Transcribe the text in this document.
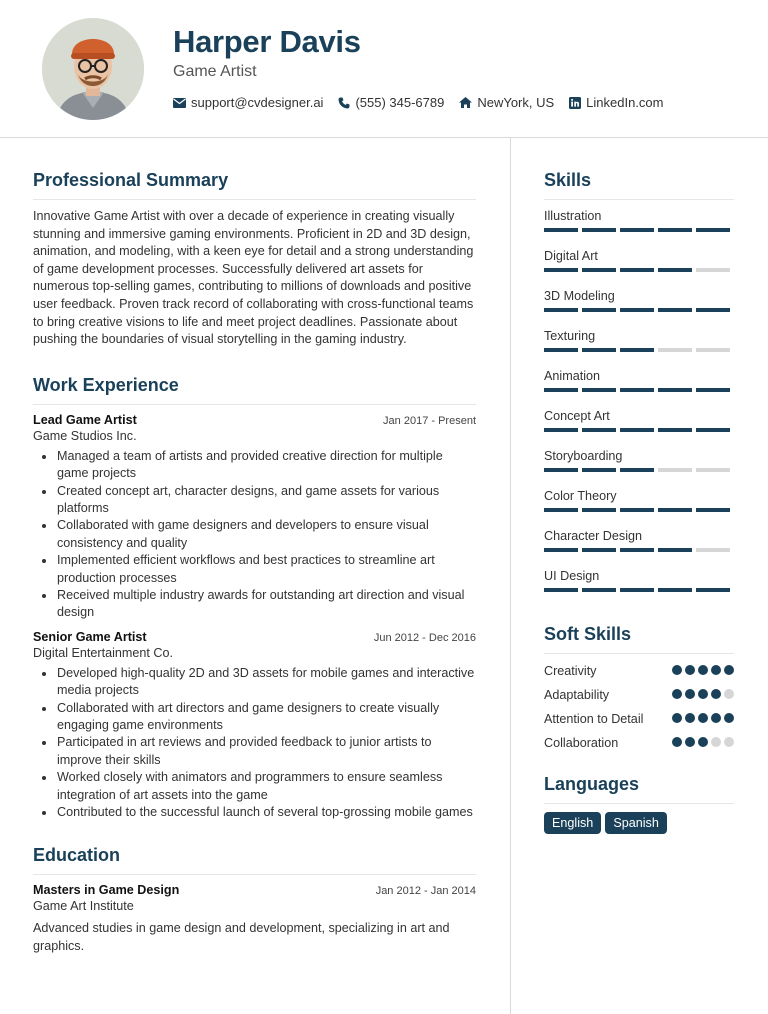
Harper Davis
Game Artist
support@cvdesigner.ai (555) 345-6789	NewYork, US LinkedIn.com
Professional Summary

Innovative Game Artist with over a decade of experience in creating visually stunning and immersive gaming environments. Proficient in 2D and 3D design, animation, and modeling, with a keen eye for detail and a strong understanding of game development processes. Successfully delivered art assets for numerous top-selling games, contributing to millions of downloads and positive user feedback. Proven track record of collaborating with cross-functional teams to bring creative visions to life and meet project deadlines. Passionate about pushing the boundaries of visual storytelling in the gaming industry.

Work Experience
Lead Game Artist	Jan 2017 - Present
Game Studios Inc.
Managed a team of artists and provided creative direction for multiple game projects
Created concept art, character designs, and game assets for various platforms
Collaborated with game designers and developers to ensure visual consistency and quality
Implemented efficient workflows and best practices to streamline art production processes
Received multiple industry awards for outstanding art direction and visual design
Senior Game Artist	Jun 2012 - Dec 2016
Digital Entertainment Co.
Developed high-quality 2D and 3D assets for mobile games and interactive media projects
Collaborated with art directors and game designers to create visually engaging game environments
Participated in art reviews and provided feedback to junior artists to improve their skills
Worked closely with animators and programmers to ensure seamless integration of art assets into the game
Contributed to the successful launch of several top-grossing mobile games
Education
Masters in Game Design	Jan 2012 - Jan 2014
Game Art Institute

Advanced studies in game design and development, specializing in art and graphics.

Skills
Illustration
Digital Art
3D Modeling
Texturing
Animation
Concept Art
Storyboarding
Color Theory
Character Design
UI Design
Soft Skills
Creativity
Adaptability
Attention to Detail
Collaboration
Languages
English	Spanish
